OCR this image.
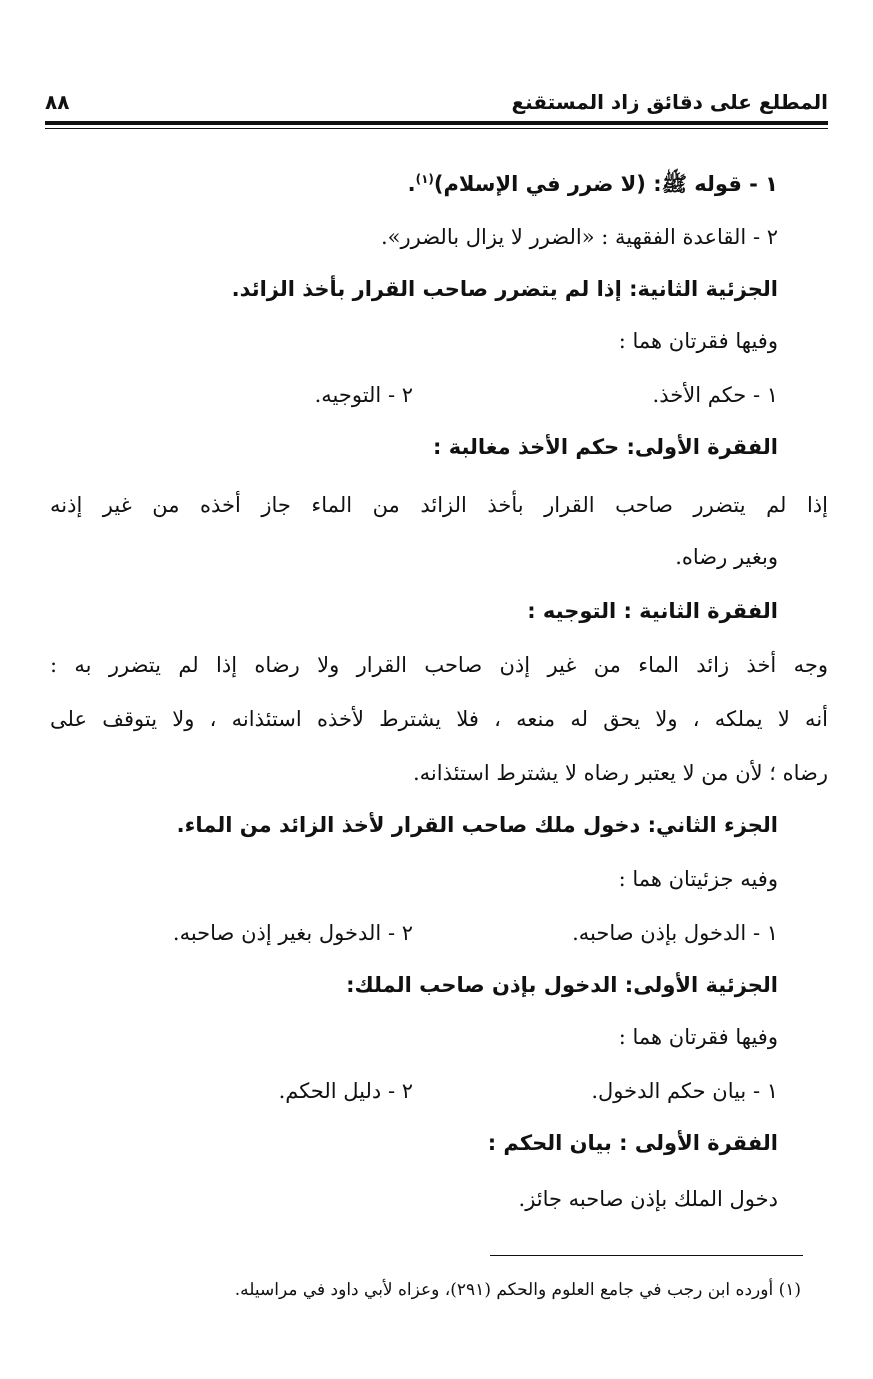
المطلع على دقائق زاد المستقنع
٨٨
١ - قوله ﷺ: (لا ضرر في الإسلام)$^{(١)}$.
٢ - القاعدة الفقهية : «الضرر لا يزال بالضرر».
الجزئية الثانية: إذا لم يتضرر صاحب القرار بأخذ الزائد.
وفيها فقرتان هما :
١ - حكم الأخذ.
٢ - التوجيه.
الفقرة الأولى: حكم الأخذ مغالبة :
إذا لم يتضرر صاحب القرار بأخذ الزائد من الماء جاز أخذه من غير إذنه
وبغير رضاه.
الفقرة الثانية : التوجيه :
وجه أخذ زائد الماء من غير إذن صاحب القرار ولا رضاه إذا لم يتضرر به :
أنه لا يملكه ، ولا يحق له منعه ، فلا يشترط لأخذه استئذانه ، ولا يتوقف على
رضاه ؛ لأن من لا يعتبر رضاه لا يشترط استئذانه.
الجزء الثاني: دخول ملك صاحب القرار لأخذ الزائد من الماء.
وفيه جزئيتان هما :
١ - الدخول بإذن صاحبه.
٢ - الدخول بغير إذن صاحبه.
الجزئية الأولى: الدخول بإذن صاحب الملك:
وفيها فقرتان هما :
١ - بيان حكم الدخول.
٢ - دليل الحكم.
الفقرة الأولى : بيان الحكم :
دخول الملك بإذن صاحبه جائز.
(١) أورده ابن رجب في جامع العلوم والحكم (٢٩١)، وعزاه لأبي داود في مراسيله.
